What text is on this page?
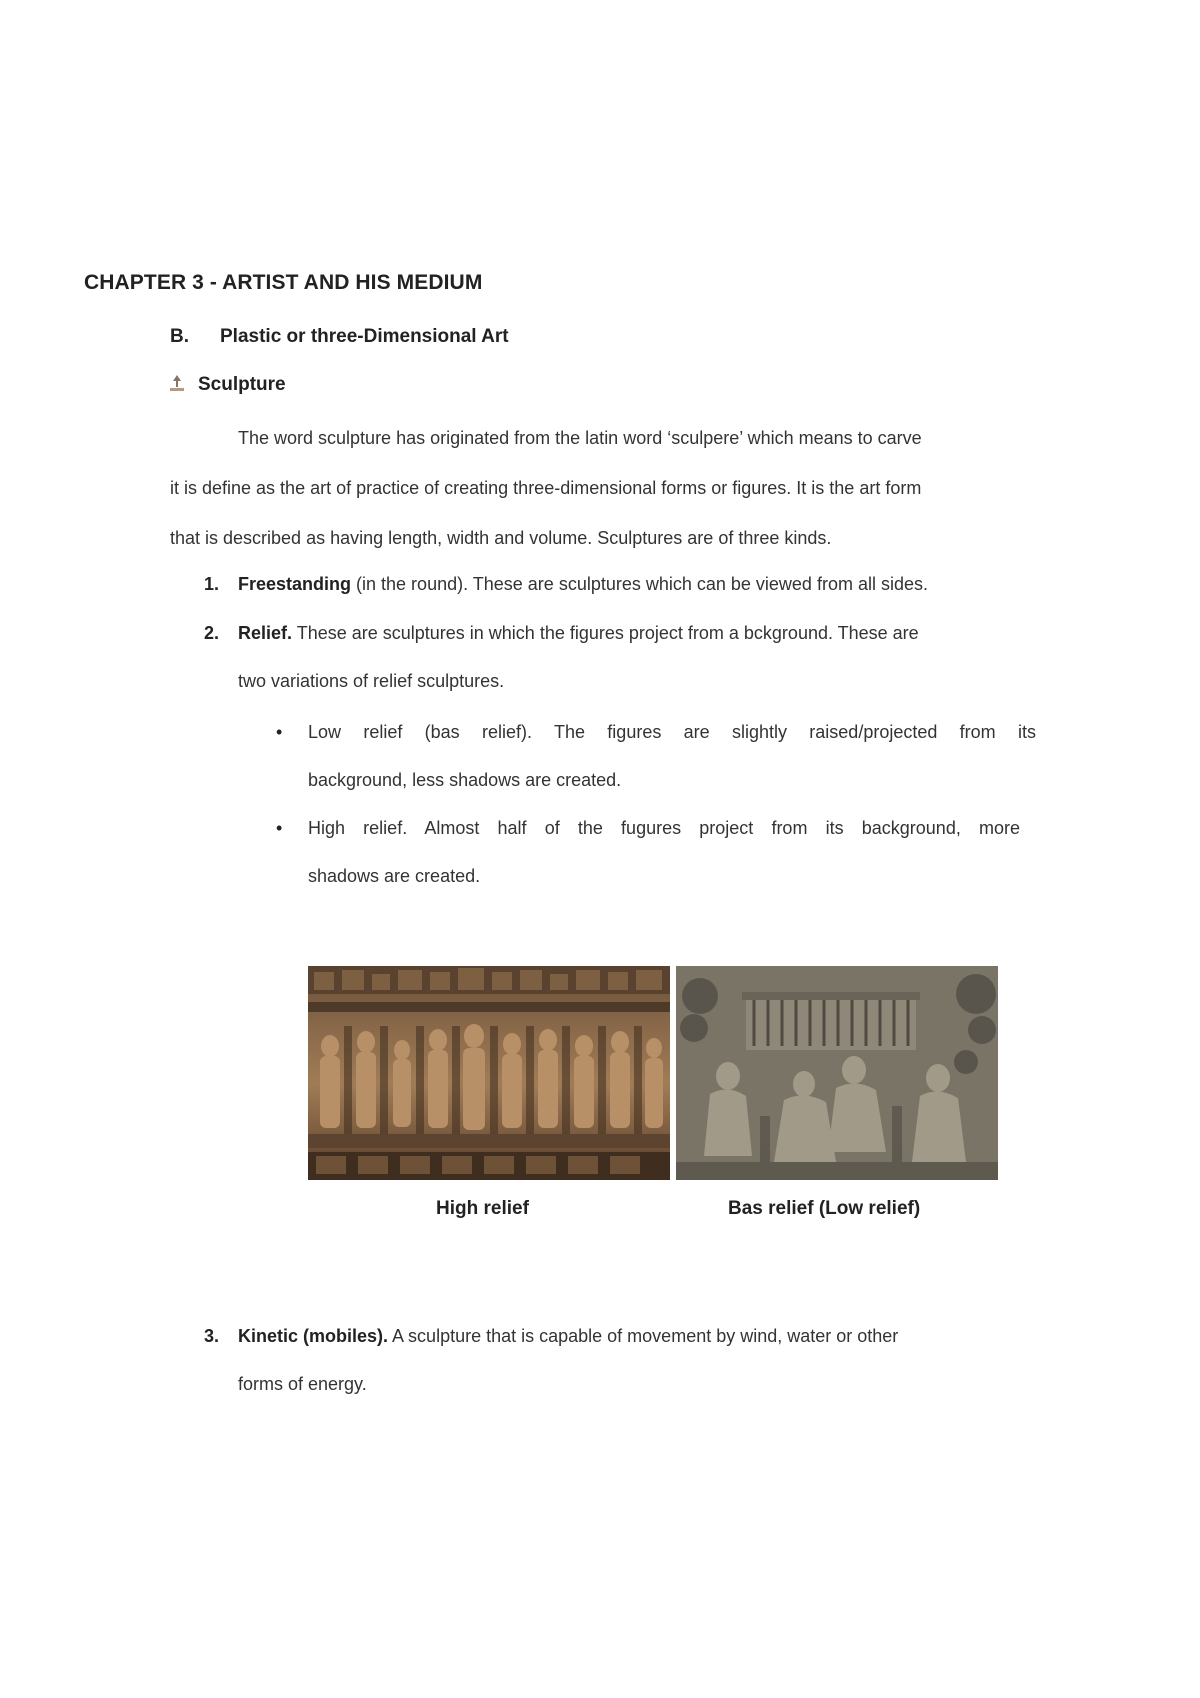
CHAPTER 3 - ARTIST AND HIS MEDIUM
B. Plastic or three-Dimensional Art
Sculpture
The word sculpture has originated from the latin word ‘sculpere’ which means to carve
it is define as the art of practice of creating three-dimensional forms or figures. It is the art form
that is described as having length, width and volume. Sculptures are of three kinds.
1. Freestanding (in the round). These are sculptures which can be viewed from all sides.
2. Relief. These are sculptures in which the figures project from a bckground. These are
two variations of relief sculptures.
• Low relief (bas relief). The figures are slightly raised/projected from its
background, less shadows are created.
• High relief. Almost half of the fugures project from its background, more
shadows are created.
High relief	Bas relief (Low relief)
3. Kinetic (mobiles). A sculpture that is capable of movement by wind, water or other
forms of energy.
